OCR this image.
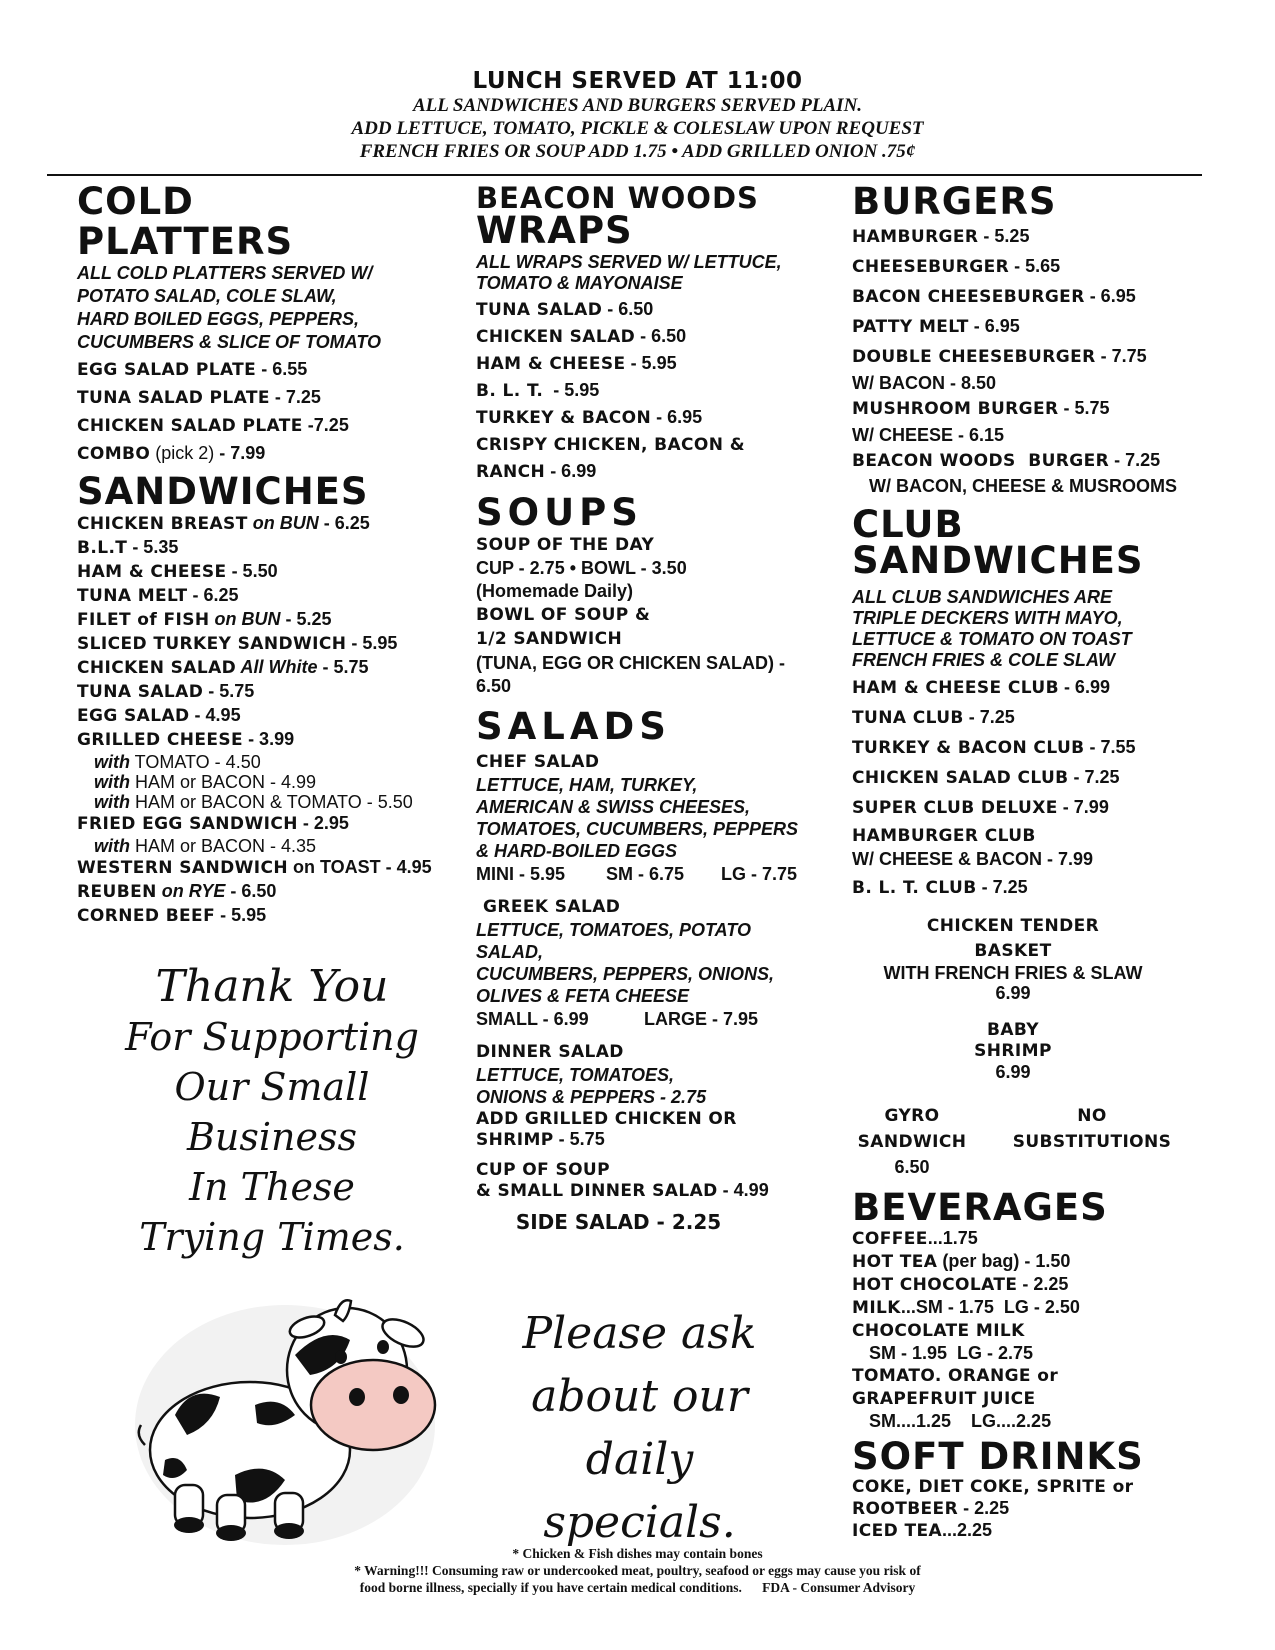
LUNCH SERVED AT 11:00
ALL SANDWICHES AND BURGERS SERVED PLAIN.
ADD LETTUCE, TOMATO, PICKLE & COLESLAW UPON REQUEST
FRENCH FRIES OR SOUP ADD 1.75 • ADD GRILLED ONION .75¢
COLD
PLATTERS
ALL COLD PLATTERS SERVED W/
POTATO SALAD, COLE SLAW,
HARD BOILED EGGS, PEPPERS,
CUCUMBERS & SLICE OF TOMATO
EGG SALAD PLATE - 6.55
TUNA SALAD PLATE - 7.25
CHICKEN SALAD PLATE -7.25
COMBO (pick 2) - 7.99
SANDWICHES
CHICKEN BREAST on BUN - 6.25
B.L.T - 5.35
HAM & CHEESE - 5.50
TUNA MELT - 6.25
FILET of FISH on BUN - 5.25
SLICED TURKEY SANDWICH - 5.95
CHICKEN SALAD All White - 5.75
TUNA SALAD - 5.75
EGG SALAD - 4.95
GRILLED CHEESE - 3.99
with TOMATO - 4.50
with HAM or BACON - 4.99
with HAM or BACON & TOMATO - 5.50
FRIED EGG SANDWICH - 2.95
with HAM or BACON - 4.35
WESTERN SANDWICH on TOAST - 4.95
REUBEN on RYE - 6.50
CORNED BEEF - 5.95
Thank You
For Supporting
Our Small
Business
In These
Trying Times.
BEACON WOODS
WRAPS
ALL WRAPS SERVED W/ LETTUCE,
TOMATO & MAYONAISE
TUNA SALAD - 6.50
CHICKEN SALAD - 6.50
HAM & CHEESE - 5.95
B. L. T.  - 5.95
TURKEY & BACON - 6.95
CRISPY CHICKEN, BACON &
RANCH - 6.99
SOUPS
SOUP OF THE DAY
CUP - 2.75 • BOWL - 3.50
(Homemade Daily)
BOWL OF SOUP &
1/2 SANDWICH
(TUNA, EGG OR CHICKEN SALAD) -
6.50
SALADS
CHEF SALAD
LETTUCE, HAM, TURKEY,
AMERICAN & SWISS CHEESES,
TOMATOES, CUCUMBERS, PEPPERS
& HARD-BOILED EGGS
MINI - 5.95	SM - 6.75	LG - 7.75
GREEK SALAD
LETTUCE, TOMATOES, POTATO
SALAD,
CUCUMBERS, PEPPERS, ONIONS,
OLIVES & FETA CHEESE
SMALL - 6.99	LARGE - 7.95
DINNER SALAD
LETTUCE, TOMATOES,
ONIONS & PEPPERS - 2.75
ADD GRILLED CHICKEN OR
SHRIMP - 5.75
CUP OF SOUP
& SMALL DINNER SALAD - 4.99
SIDE SALAD - 2.25
Please ask
about our daily
specials.
BURGERS
HAMBURGER - 5.25
CHEESEBURGER - 5.65
BACON CHEESEBURGER - 6.95
PATTY MELT - 6.95
DOUBLE CHEESEBURGER - 7.75
W/ BACON - 8.50
MUSHROOM BURGER - 5.75
W/ CHEESE - 6.15
BEACON WOODS  BURGER - 7.25
W/ BACON, CHEESE & MUSROOMS
CLUB
SANDWICHES
ALL CLUB SANDWICHES ARE
TRIPLE DECKERS WITH MAYO,
LETTUCE & TOMATO ON TOAST
FRENCH FRIES & COLE SLAW
HAM & CHEESE CLUB - 6.99
TUNA CLUB - 7.25
TURKEY & BACON CLUB - 7.55
CHICKEN SALAD CLUB - 7.25
SUPER CLUB DELUXE - 7.99
HAMBURGER CLUB
W/ CHEESE & BACON - 7.99
B. L. T. CLUB - 7.25
CHICKEN TENDER
BASKET
WITH FRENCH FRIES & SLAW
6.99
BABY
SHRIMP
6.99
GYRO
SANDWICH
6.50
NO
SUBSTITUTIONS
BEVERAGES
COFFEE...1.75
HOT TEA (per bag) - 1.50
HOT CHOCOLATE - 2.25
MILK...SM - 1.75  LG - 2.50
CHOCOLATE MILK
SM - 1.95  LG - 2.75
TOMATO. ORANGE or
GRAPEFRUIT JUICE
SM....1.25    LG....2.25
SOFT DRINKS
COKE, DIET COKE, SPRITE or
ROOTBEER - 2.25
ICED TEA...2.25
* Chicken & Fish dishes may contain bones
* Warning!!! Consuming raw or undercooked meat, poultry, seafood or eggs may cause you risk of
food borne illness, specially if you have certain medical conditions.      FDA - Consumer Advisory
